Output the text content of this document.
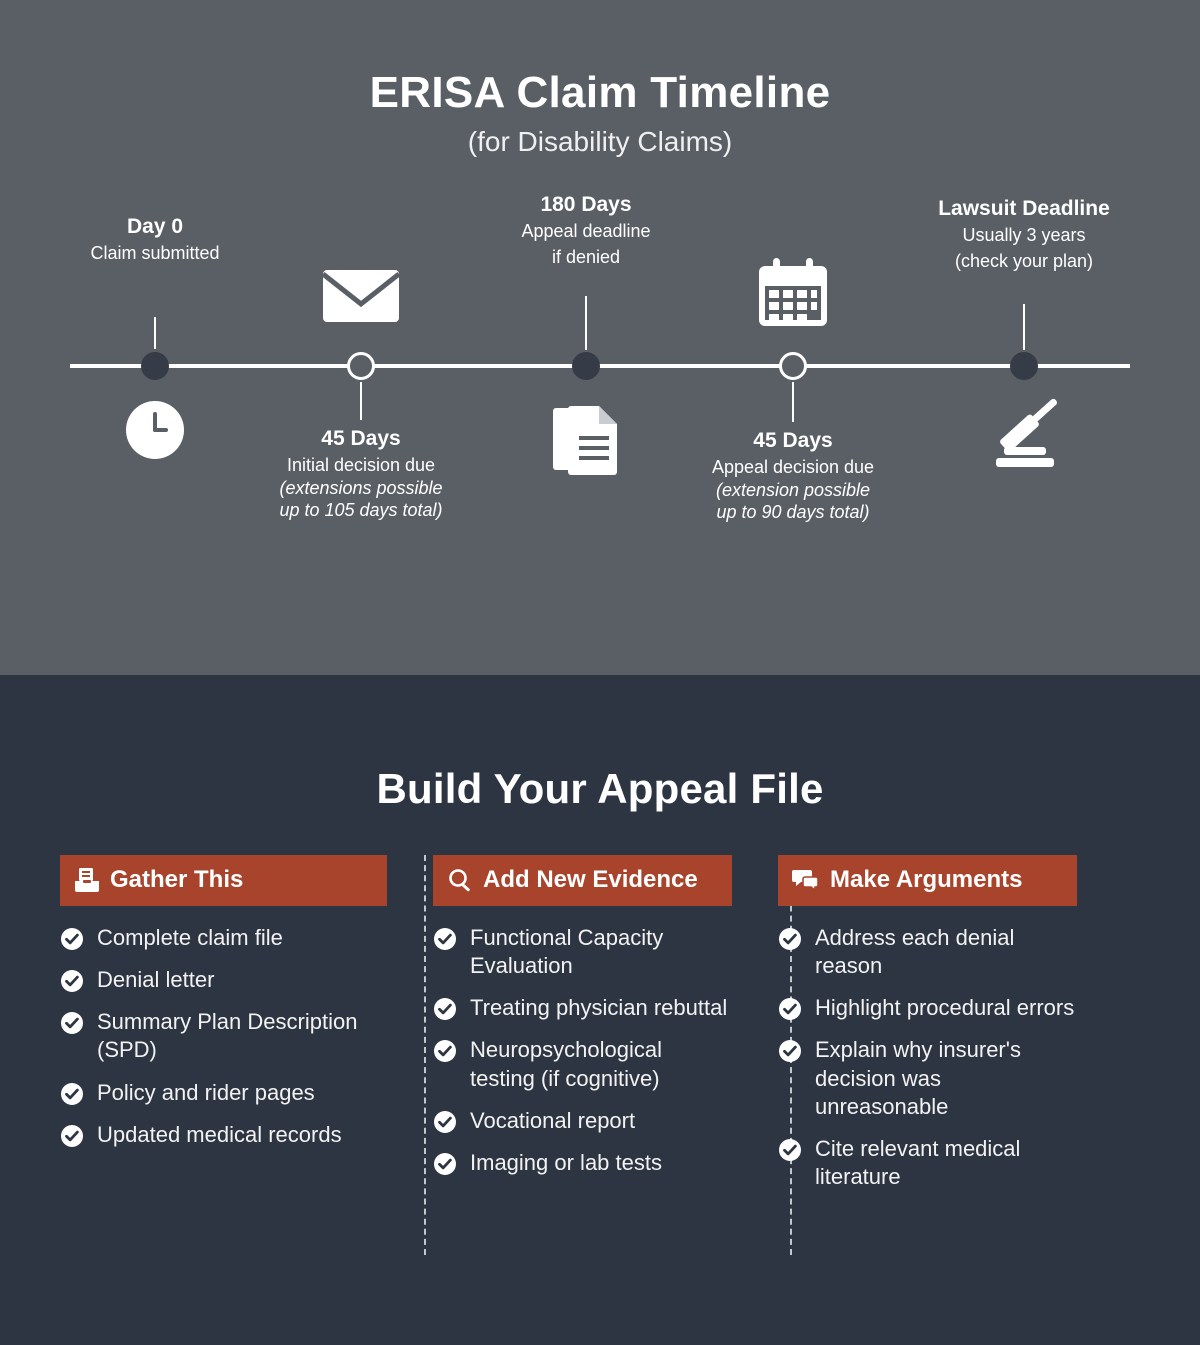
ERISA Claim Timeline
(for Disability Claims)
Day 0
Claim submitted
45 Days
Initial decision due
(extensions possible
up to 105 days total)
180 Days
Appeal deadline
if denied
45 Days
Appeal decision due
(extension possible
up to 90 days total)
Lawsuit Deadline
Usually 3 years
(check your plan)
Build Your Appeal File
Gather This
Complete claim file
Denial letter
Summary Plan Description (SPD)
Policy and rider pages
Updated medical records
Add New Evidence
Functional Capacity Evaluation
Treating physician rebuttal
Neuropsychological testing (if cognitive)
Vocational report
Imaging or lab tests
Make Arguments
Address each denial reason
Highlight procedural errors
Explain why insurer's decision was unreasonable
Cite relevant medical literature
